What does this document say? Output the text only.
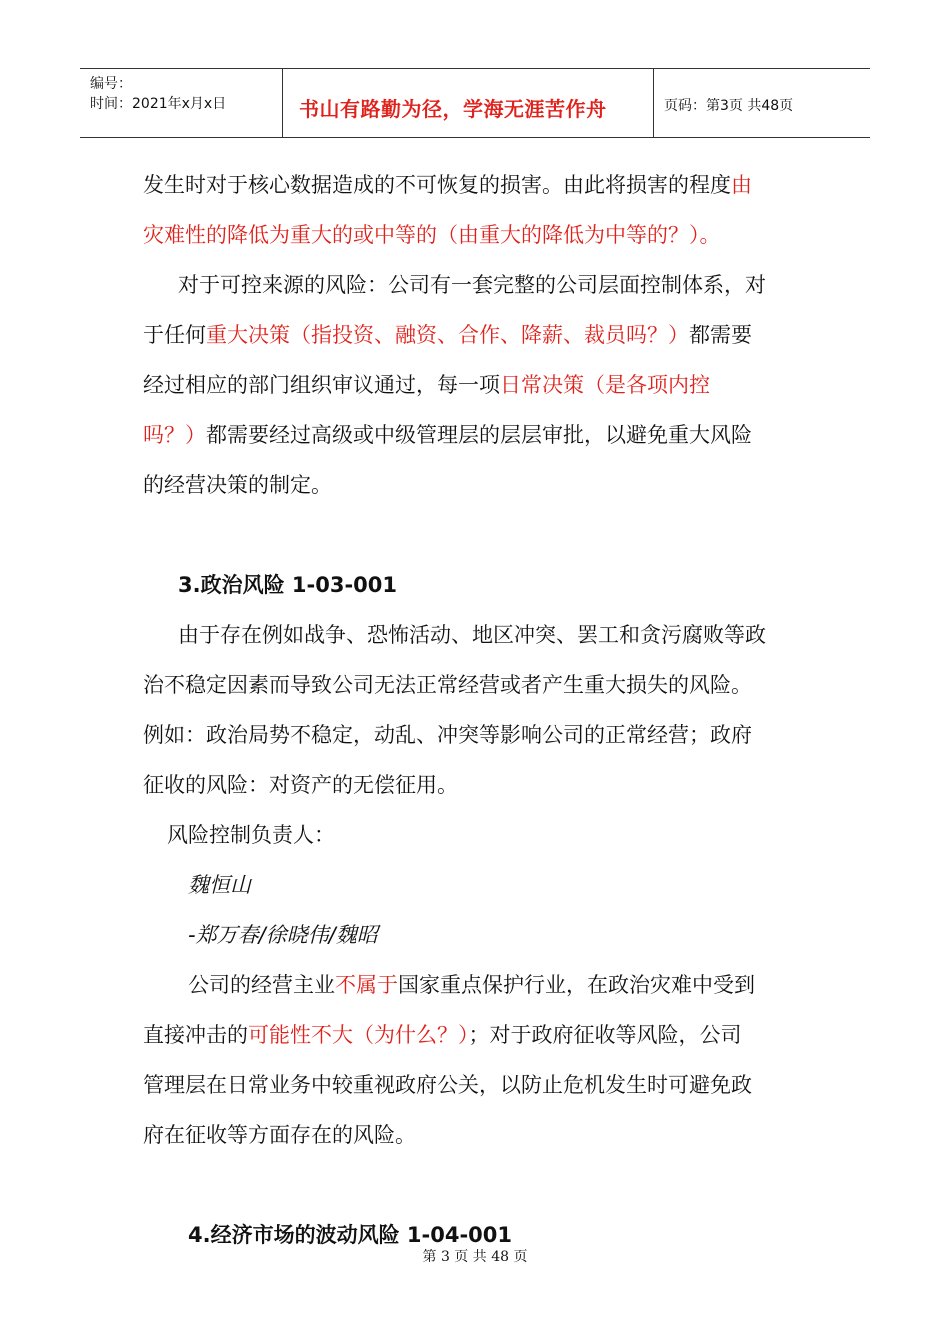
编号：
时间：2021年x月x日	书山有路勤为径，学海无涯苦作舟	页码：第3页 共48页

发生时对于核心数据造成的不可恢复的损害。由此将损害的程度由

灾难性的降低为重大的或中等的（由重大的降低为中等的？）。

对于可控来源的风险：公司有一套完整的公司层面控制体系，对

于任何重大决策（指投资、融资、合作、降薪、裁员吗？）都需要

经过相应的部门组织审议通过，每一项日常决策（是各项内控

吗？）都需要经过高级或中级管理层的层层审批，以避免重大风险

的经营决策的制定。

3.政治风险 1-03-001

由于存在例如战争、恐怖活动、地区冲突、罢工和贪污腐败等政

治不稳定因素而导致公司无法正常经营或者产生重大损失的风险。

例如：政治局势不稳定，动乱、冲突等影响公司的正常经营；政府

征收的风险：对资产的无偿征用。

风险控制负责人：

魏恒山

-郑万春/徐晓伟/魏昭

公司的经营主业不属于国家重点保护行业，在政治灾难中受到

直接冲击的可能性不大（为什么？）；对于政府征收等风险，公司

管理层在日常业务中较重视政府公关，以防止危机发生时可避免政

府在征收等方面存在的风险。

4.经济市场的波动风险 1-04-001

第 3 页 共 48 页
